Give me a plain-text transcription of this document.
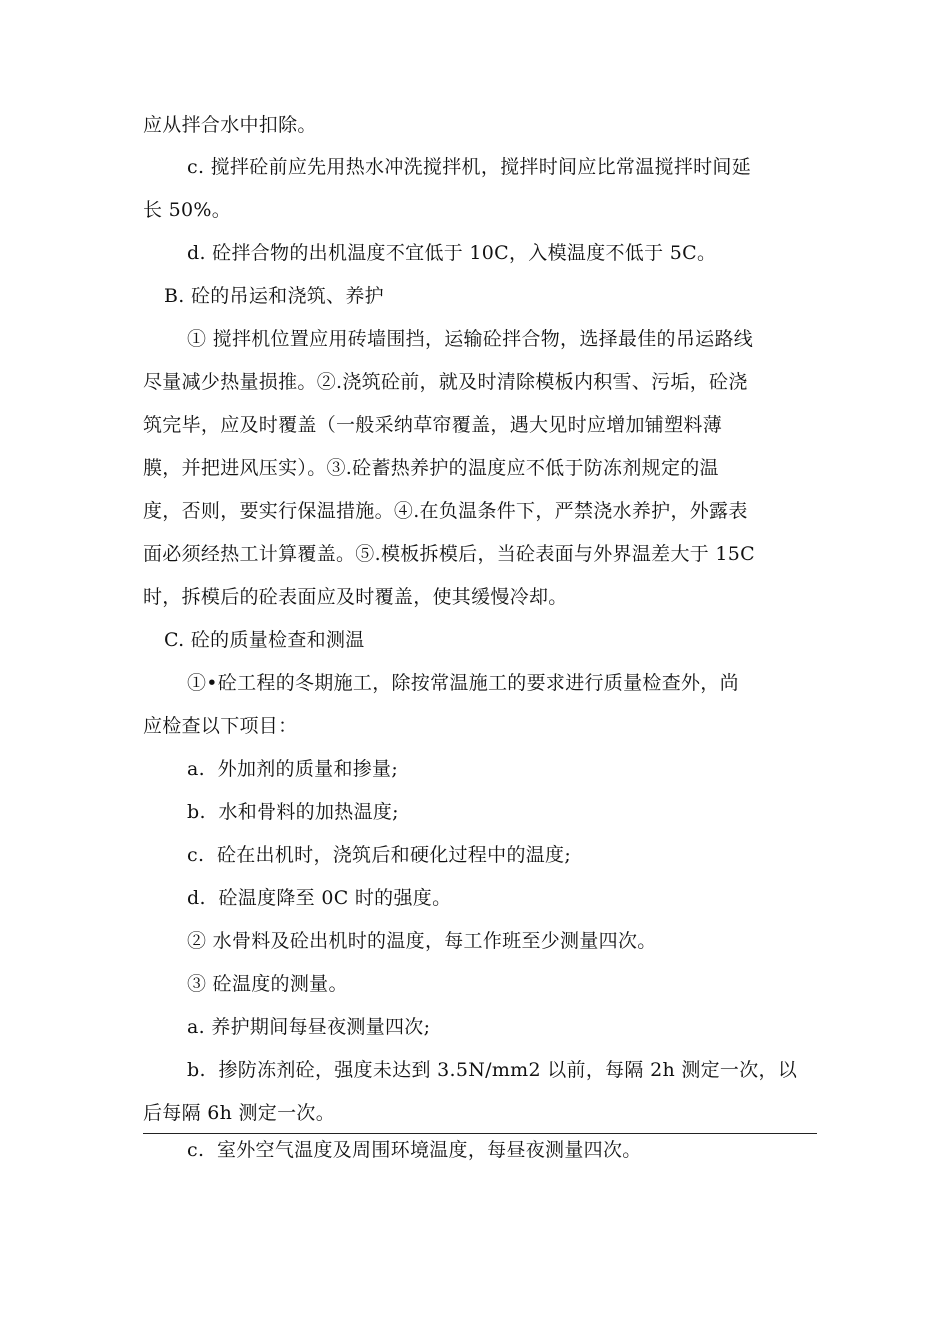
应从拌合水中扣除。
c. 搅拌砼前应先用热水冲洗搅拌机，搅拌时间应比常温搅拌时间延
长 50%。
d. 砼拌合物的出机温度不宜低于 10C，入模温度不低于 5C。
B. 砼的吊运和浇筑、养护
① 搅拌机位置应用砖墙围挡，运输砼拌合物，选择最佳的吊运路线
尽量减少热量损推。②.浇筑砼前，就及时清除模板内积雪、污垢，砼浇
筑完毕，应及时覆盖（一般采纳草帘覆盖，遇大见时应增加铺塑料薄
膜，并把进风压实）。③.砼蓄热养护的温度应不低于防冻剂规定的温
度，否则，要实行保温措施。④.在负温条件下，严禁浇水养护，外露表
面必须经热工计算覆盖。⑤.模板拆模后，当砼表面与外界温差大于 15C
时，拆模后的砼表面应及时覆盖，使其缓慢冷却。
C. 砼的质量检查和测温
①•砼工程的冬期施工，除按常温施工的要求进行质量检查外，尚
应检查以下项目：
a.  外加剂的质量和掺量;
b.  水和骨料的加热温度;
c.  砼在出机时，浇筑后和硬化过程中的温度;
d.  砼温度降至 0C 时的强度。
② 水骨料及砼出机时的温度，每工作班至少测量四次。
③ 砼温度的测量。
a. 养护期间每昼夜测量四次;
b.  掺防冻剂砼，强度未达到 3.5N/mm2 以前，每隔 2h 测定一次，以
后每隔 6h 测定一次。
c.  室外空气温度及周围环境温度，每昼夜测量四次。
